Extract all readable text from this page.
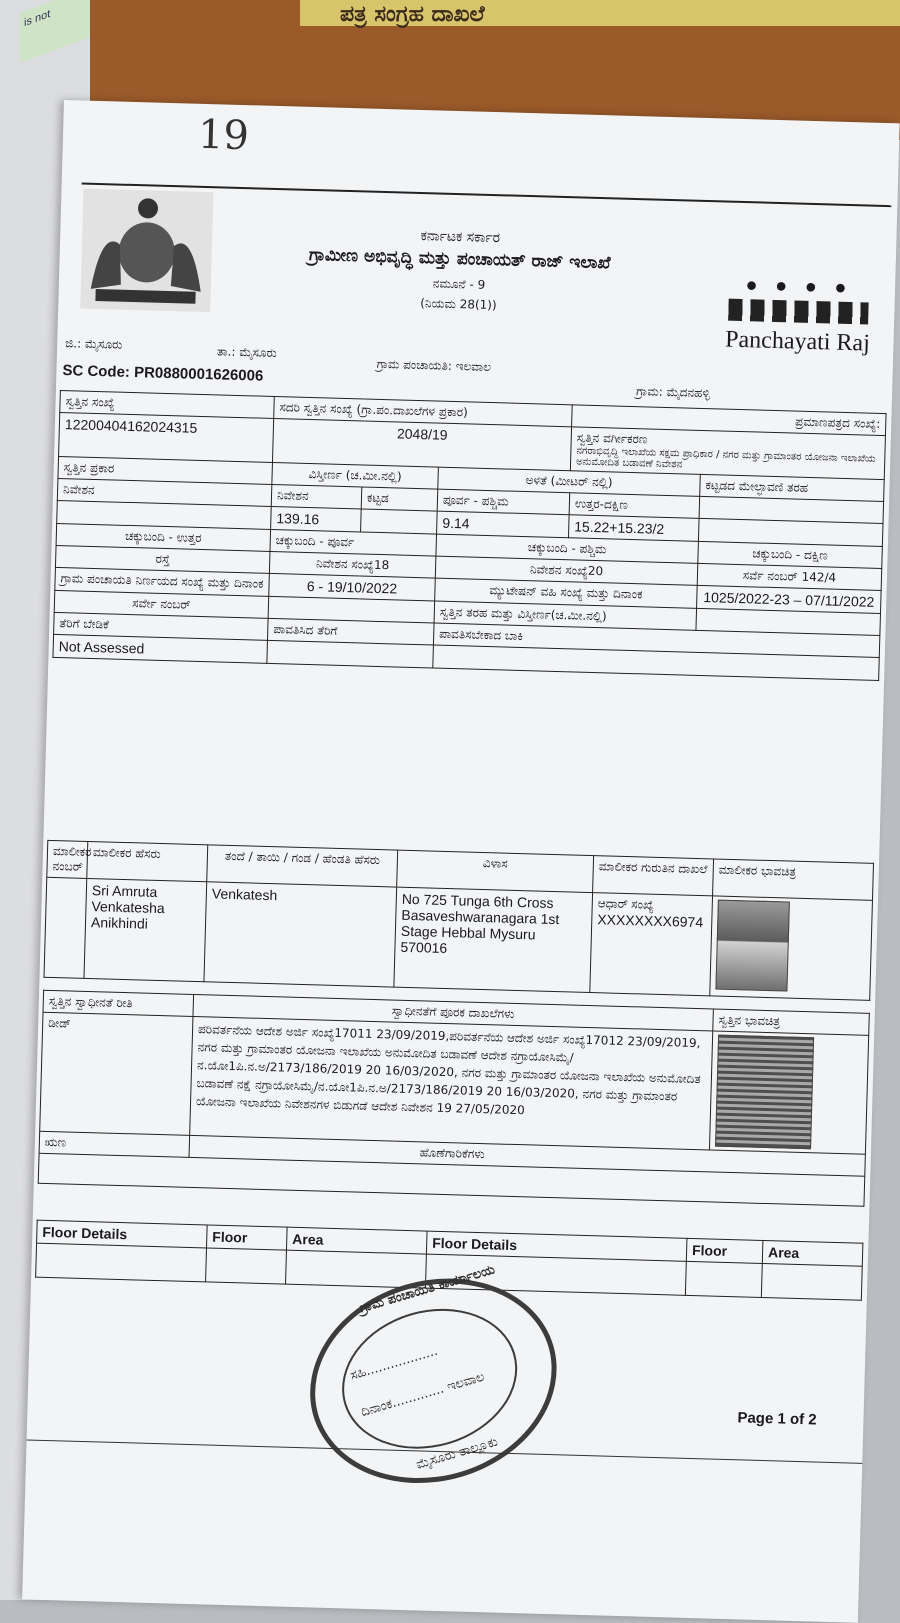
ಪತ್ರ ಸಂಗ್ರಹ ದಾಖಲೆ
is not
19
ಕರ್ನಾಟಕ ಸರ್ಕಾರ
ಗ್ರಾಮೀಣ ಅಭಿವೃದ್ಧಿ ಮತ್ತು ಪಂಚಾಯತ್ ರಾಜ್ ಇಲಾಖೆ
ನಮೂನೆ - 9
(ನಿಯಮ 28(1))
● ● ● ●
Panchayati Raj
ಜಿ.: ಮೈಸೂರು
ತಾ.: ಮೈಸೂರು
ಗ್ರಾಮ ಪಂಚಾಯತಿ: ಇಲವಾಲ
ಗ್ರಾಮ: ಮೈದನಹಳ್ಳಿ
SC Code: PR0880001626006
ಸ್ವತ್ತಿನ ಸಂಖ್ಯೆ	ಸದರಿ ಸ್ವತ್ತಿನ ಸಂಖ್ಯೆ (ಗ್ರಾ.ಪಂ.ದಾಖಲೆಗಳ ಪ್ರಕಾರ)			ಪ್ರಮಾಣಪತ್ರದ ಸಂಖ್ಯೆ:	
1220040416202431​5	2048/19			ಸ್ವತ್ತಿನ ವರ್ಗೀಕರಣ
ನಗರಾಭಿವೃದ್ಧಿ ಇಲಾಖೆಯ ಸಕ್ಷಮ ಪ್ರಾಧಿಕಾರ / ನಗರ ಮತ್ತು ಗ್ರಾಮಾಂತರ ಯೋಜನಾ ಇಲಾಖೆಯ ಅನುಮೋದಿತ ಬಡಾವಣೆ ನಿವೇಶನ	

ಸ್ವತ್ತಿನ ಪ್ರಕಾರ	ವಿಸ್ತೀರ್ಣ (ಚ.ಮೀ.ನಲ್ಲಿ)		ಅಳತೆ (ಮೀಟರ್ ನಲ್ಲಿ)		ಕಟ್ಟಡದ ಮೇಲ್ಛಾವಣಿ ತರಹ
ನಿವೇಶನ	ನಿವೇಶನ	ಕಟ್ಟಡ	ಪೂರ್ವ - ಪಶ್ಚಿಮ	ಉತ್ತರ-ದಕ್ಷಿಣ	
	139.16		9.14	15.22+15.23/2	
ಚಕ್ಕುಬಂದಿ - ಉತ್ತರ	ಚಕ್ಕುಬಂದಿ - ಪೂರ್ವ		ಚಕ್ಕುಬಂದಿ - ಪಶ್ಚಿಮ		ಚಕ್ಕುಬಂದಿ - ದಕ್ಷಿಣ
ರಸ್ತೆ	ನಿವೇಶನ ಸಂಖ್ಯೆ18		ನಿವೇಶನ ಸಂಖ್ಯೆ20		ಸರ್ವೆ ನಂಬರ್ 142/4
ಗ್ರಾಮ ಪಂಚಾಯತಿ ನಿರ್ಣಯದ ಸಂಖ್ಯೆ ಮತ್ತು ದಿನಾಂಕ	6 - 19/10/2022		ಮ್ಯುಟೇಷನ್ ವಹಿ ಸಂಖ್ಯೆ ಮತ್ತು ದಿನಾಂಕ		1025/2022-23 – 07/11/2022
ಸರ್ವೇ ನಂಬರ್			ಸ್ವತ್ತಿನ ತರಹ ಮತ್ತು ವಿಸ್ತೀರ್ಣ(ಚ.ಮೀ.ನಲ್ಲಿ)		
ತೆರಿಗೆ ಬೇಡಿಕೆ	ಪಾವತಿಸಿದ ತೆರಿಗೆ		ಪಾವತಿಸಬೇಕಾದ ಬಾಕಿ		
Not Assessed					
ಮಾಲೀಕರ ನಂಬರ್	ಮಾಲೀಕರ ಹೆಸರು	ತಂದೆ / ತಾಯಿ / ಗಂಡ / ಹೆಂಡತಿ ಹೆಸರು	ವಿಳಾಸ	ಮಾಲೀಕರ ಗುರುತಿನ ದಾಖಲೆ	ಮಾಲೀಕರ ಭಾವಚಿತ್ರ
	Sri Amruta Venkatesha Anikhindi	Venkatesh	No 725 Tunga 6th Cross Basaveshwaranagara 1st Stage Hebbal Mysuru 570016	ಆಧಾರ್ ಸಂಖ್ಯೆ
XXXXXXXX6974	

ಸ್ವತ್ತಿನ ಸ್ವಾಧೀನತೆ ರೀತಿ	ಸ್ವಾಧೀನತೆಗೆ ಪೂರಕ ದಾಖಲೆಗಳು	ಸ್ವತ್ತಿನ ಭಾವಚಿತ್ರ
ಡೀಡ್	ಪರಿವರ್ತನೆಯ ಆದೇಶ ಅರ್ಜಿ ಸಂಖ್ಯೆ17011 23/09/2019,ಪರಿವರ್ತನೆಯ ಆದೇಶ ಅರ್ಜಿ ಸಂಖ್ಯೆ17012 23/09/2019, ನಗರ ಮತ್ತು ಗ್ರಾಮಾಂತರ ಯೋಜನಾ ಇಲಾಖೆಯ ಅನುಮೋದಿತ ಬಡಾವಣೆ ಆದೇಶ ನಗ್ರಾಯೋಸಿಮೈ/ನ.ಯೋ1ಪಿ.ನ.ಅ/2173/186/2019 20 16/03/2020, ನಗರ ಮತ್ತು ಗ್ರಾಮಾಂತರ ಯೋಜನಾ ಇಲಾಖೆಯ ಅನುಮೋದಿತ ಬಡಾವಣೆ ನಕ್ಷೆ ನಗ್ರಾಯೋಸಿಮೈ/ನ.ಯೋ1ಪಿ.ನ.ಅ/2173/186/2019 20 16/03/2020, ನಗರ ಮತ್ತು ಗ್ರಾಮಾಂತರ ಯೋಜನಾ ಇಲಾಖೆಯ ನಿವೇಶನಗಳ ಬಿಡುಗಡೆ ಆದೇಶ ನಿವೇಶನ 19 27/05/2020	

ಋಣ	ಹೊಣೆಗಾರಿಕೆಗಳು	

Floor Details	Floor	Area	Floor Details	Floor	Area

ಗ್ರಾಮ ಪಂಚಾಯಿತಿ ಕಾರ್ಯಾಲಯ
ಸಹಿ..................
ದಿನಾಂಕ............. ಇಲವಾಲ
ಮೈಸೂರು ತಾಲ್ಲೂಕು
Page 1 of 2
